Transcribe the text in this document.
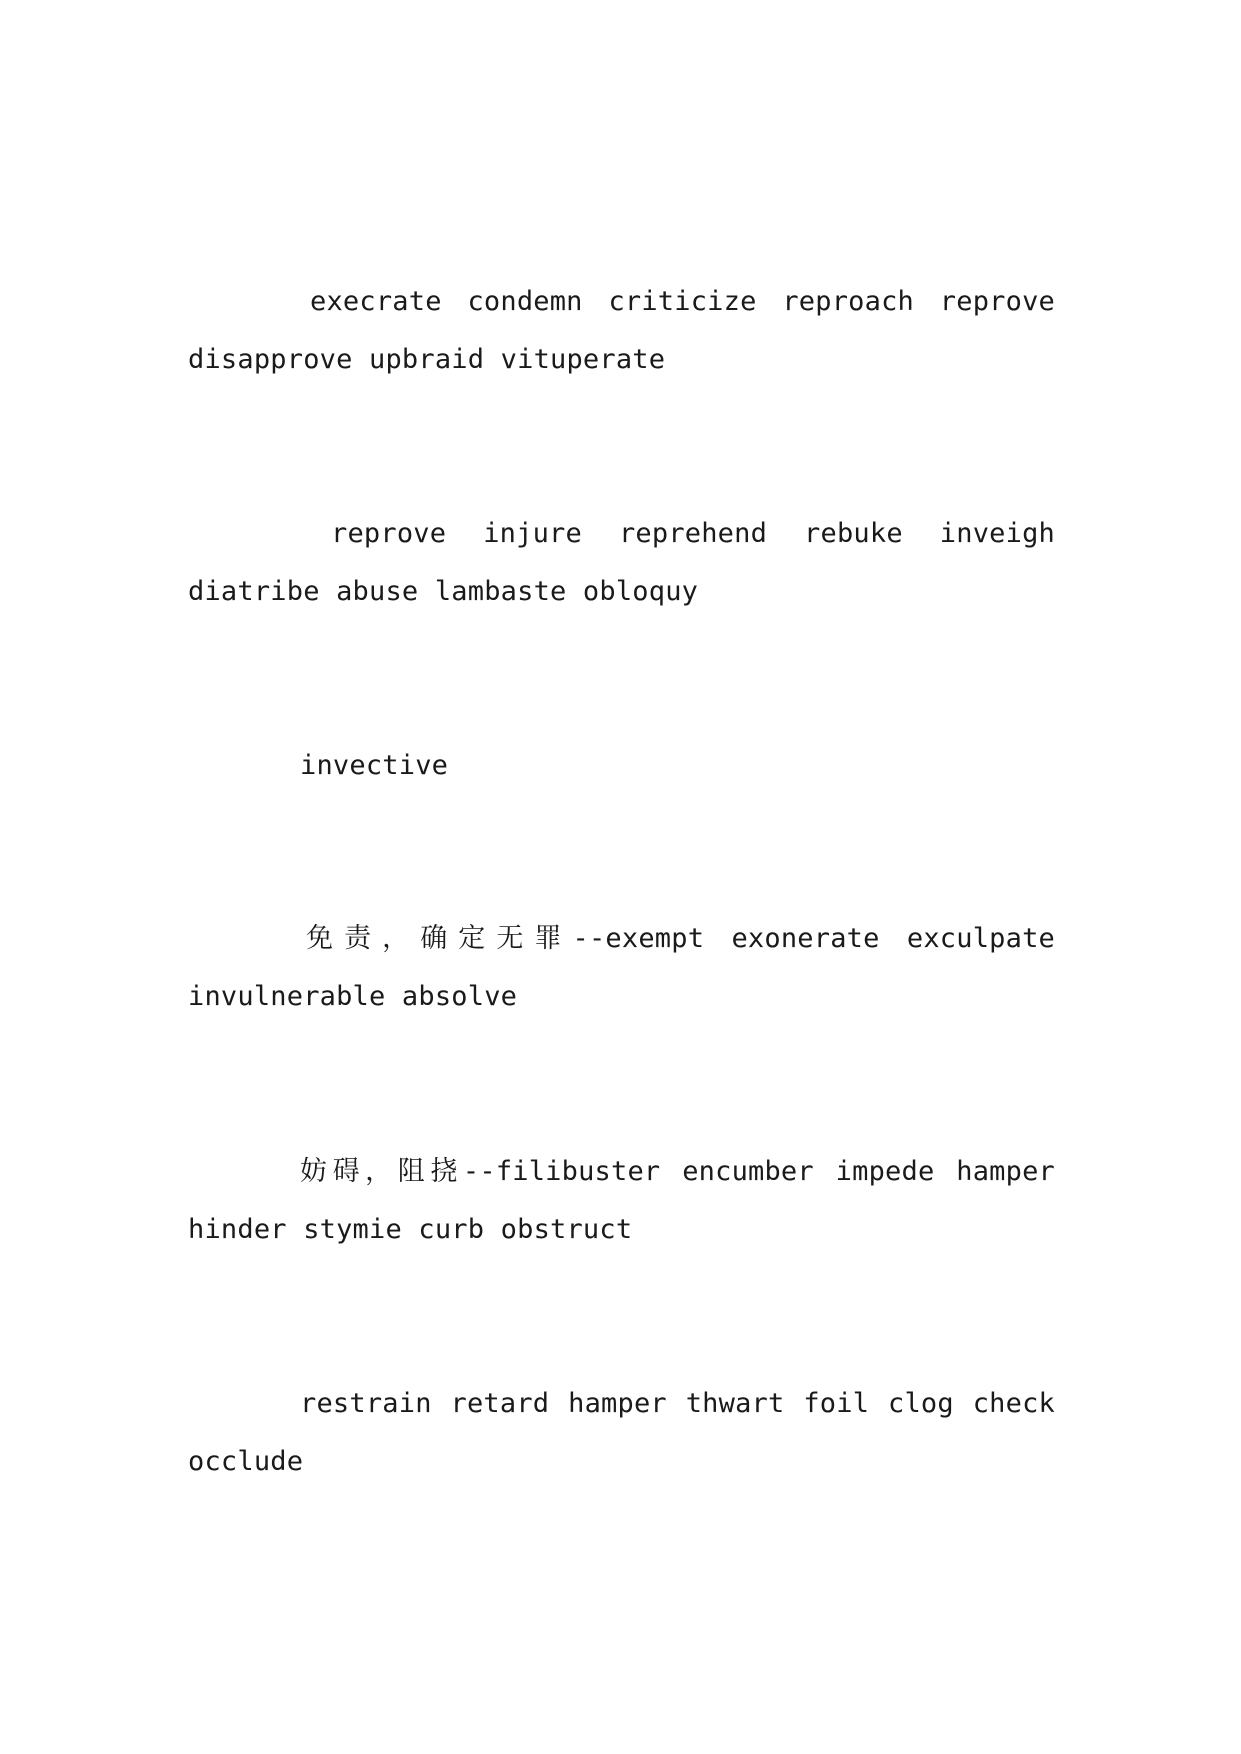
execrate condemn criticize reproach reprove disapprove upbraid vituperate

reprove injure reprehend rebuke inveigh diatribe abuse lambaste obloquy

invective

免责，确定无罪--exempt exonerate exculpate invulnerable absolve

妨碍，阻挠--filibuster encumber impede hamper hinder stymie curb obstruct

restrain retard hamper thwart foil clog check occlude
